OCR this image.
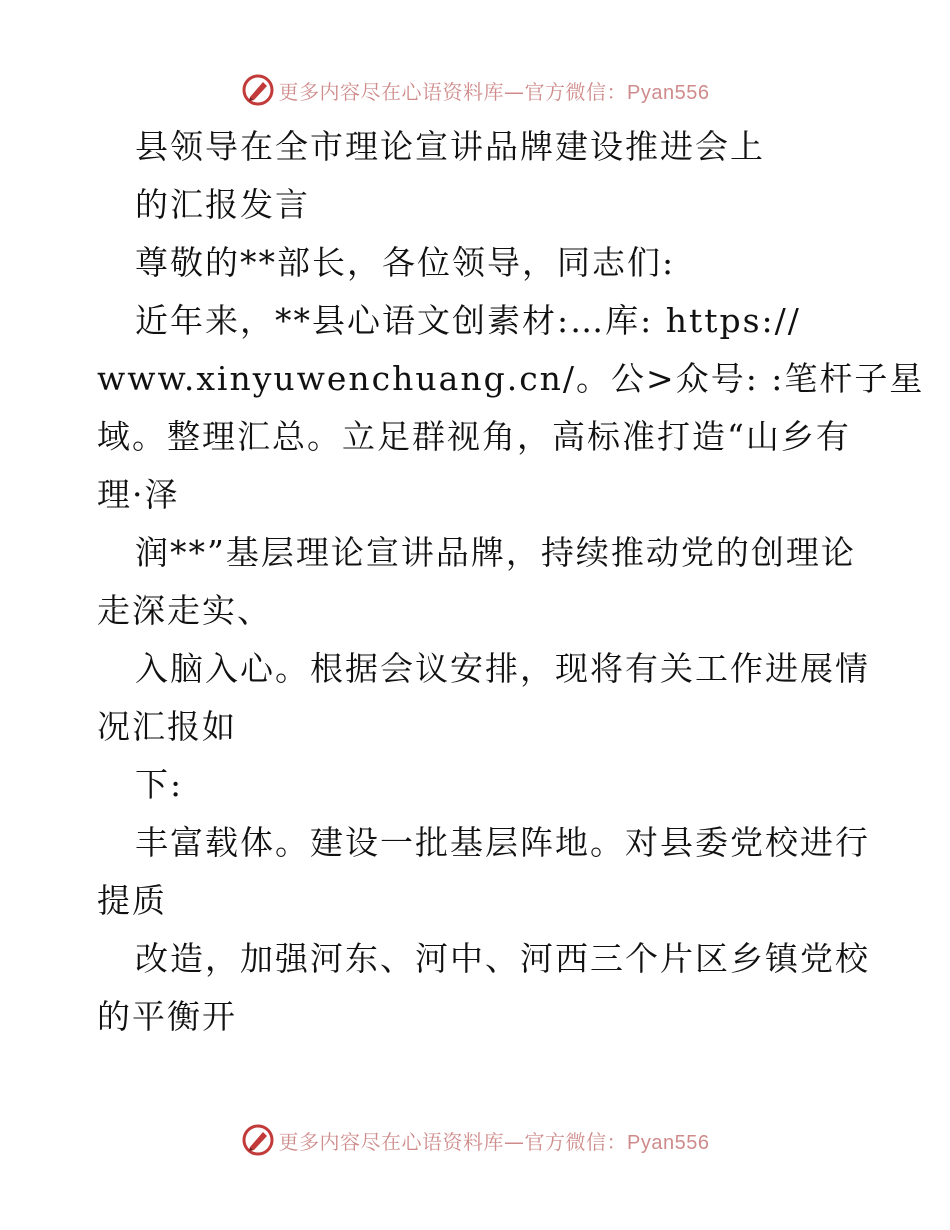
更多内容尽在心语资料库—官方微信：Pyan556
县领导在全市理论宣讲品牌建设推进会上
的汇报发言
尊敬的**部长，各位领导，同志们:
近年来，**县心语文创素材:…库: https://
www.xinyuwenchuang.cn/。公>众号: :笔杆子星
域。整理汇总。立足群视角，高标准打造“山乡有
理·泽
润**”基层理论宣讲品牌，持续推动党的创理论
走深走实、
入脑入心。根据会议安排，现将有关工作进展情
况汇报如
下:
丰富载体。建设一批基层阵地。对县委党校进行
提质
改造，加强河东、河中、河西三个片区乡镇党校
的平衡开
更多内容尽在心语资料库—官方微信：Pyan556
